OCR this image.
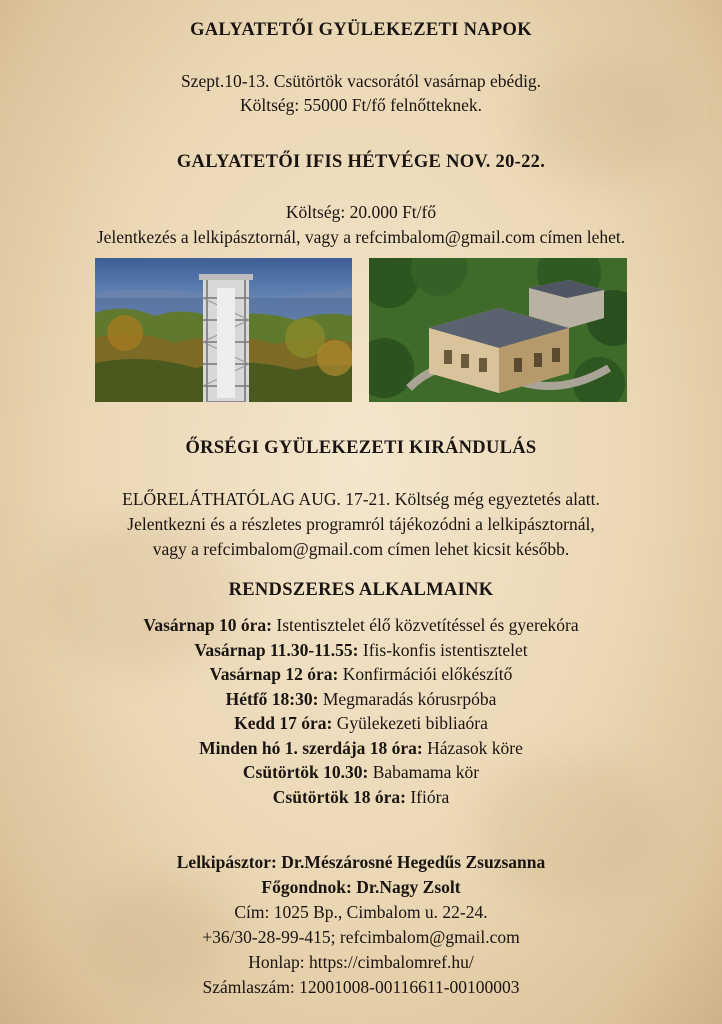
GALYATETŐI GYÜLEKEZETI NAPOK
Szept.10-13. Csütörtök vacsorától vasárnap ebédig.
Költség: 55000 Ft/fő felnőtteknek.
GALYATETŐI IFIS HÉTVÉGE NOV. 20-22.
Költség: 20.000 Ft/fő
Jelentkezés a lelkipásztornál, vagy a refcimbalom@gmail.com címen lehet.
ŐRSÉGI GYÜLEKEZETI KIRÁNDULÁS
ELŐRELÁTHATÓLAG AUG. 17-21. Költség még egyeztetés alatt.
Jelentkezni és a részletes programról tájékozódni a lelkipásztornál,
vagy a refcimbalom@gmail.com címen lehet kicsit később.
RENDSZERES ALKALMAINK
Vasárnap 10 óra: Istentisztelet élő közvetítéssel és gyerekóra
Vasárnap 11.30-11.55: Ifis-konfis istentisztelet
Vasárnap 12 óra: Konfirmációi előkészítő
Hétfő 18:30: Megmaradás kórusrpóba
Kedd 17 óra: Gyülekezeti bibliaóra
Minden hó 1. szerdája 18 óra: Házasok köre
Csütörtök 10.30: Babamama kör
Csütörtök 18 óra: Ifióra
Lelkipásztor: Dr.Mészárosné Hegedűs Zsuzsanna
Főgondnok: Dr.Nagy Zsolt
Cím: 1025 Bp., Cimbalom u. 22-24.
+36/30-28-99-415; refcimbalom@gmail.com
Honlap: https://cimbalomref.hu/
Számlaszám: 12001008-00116611-00100003
